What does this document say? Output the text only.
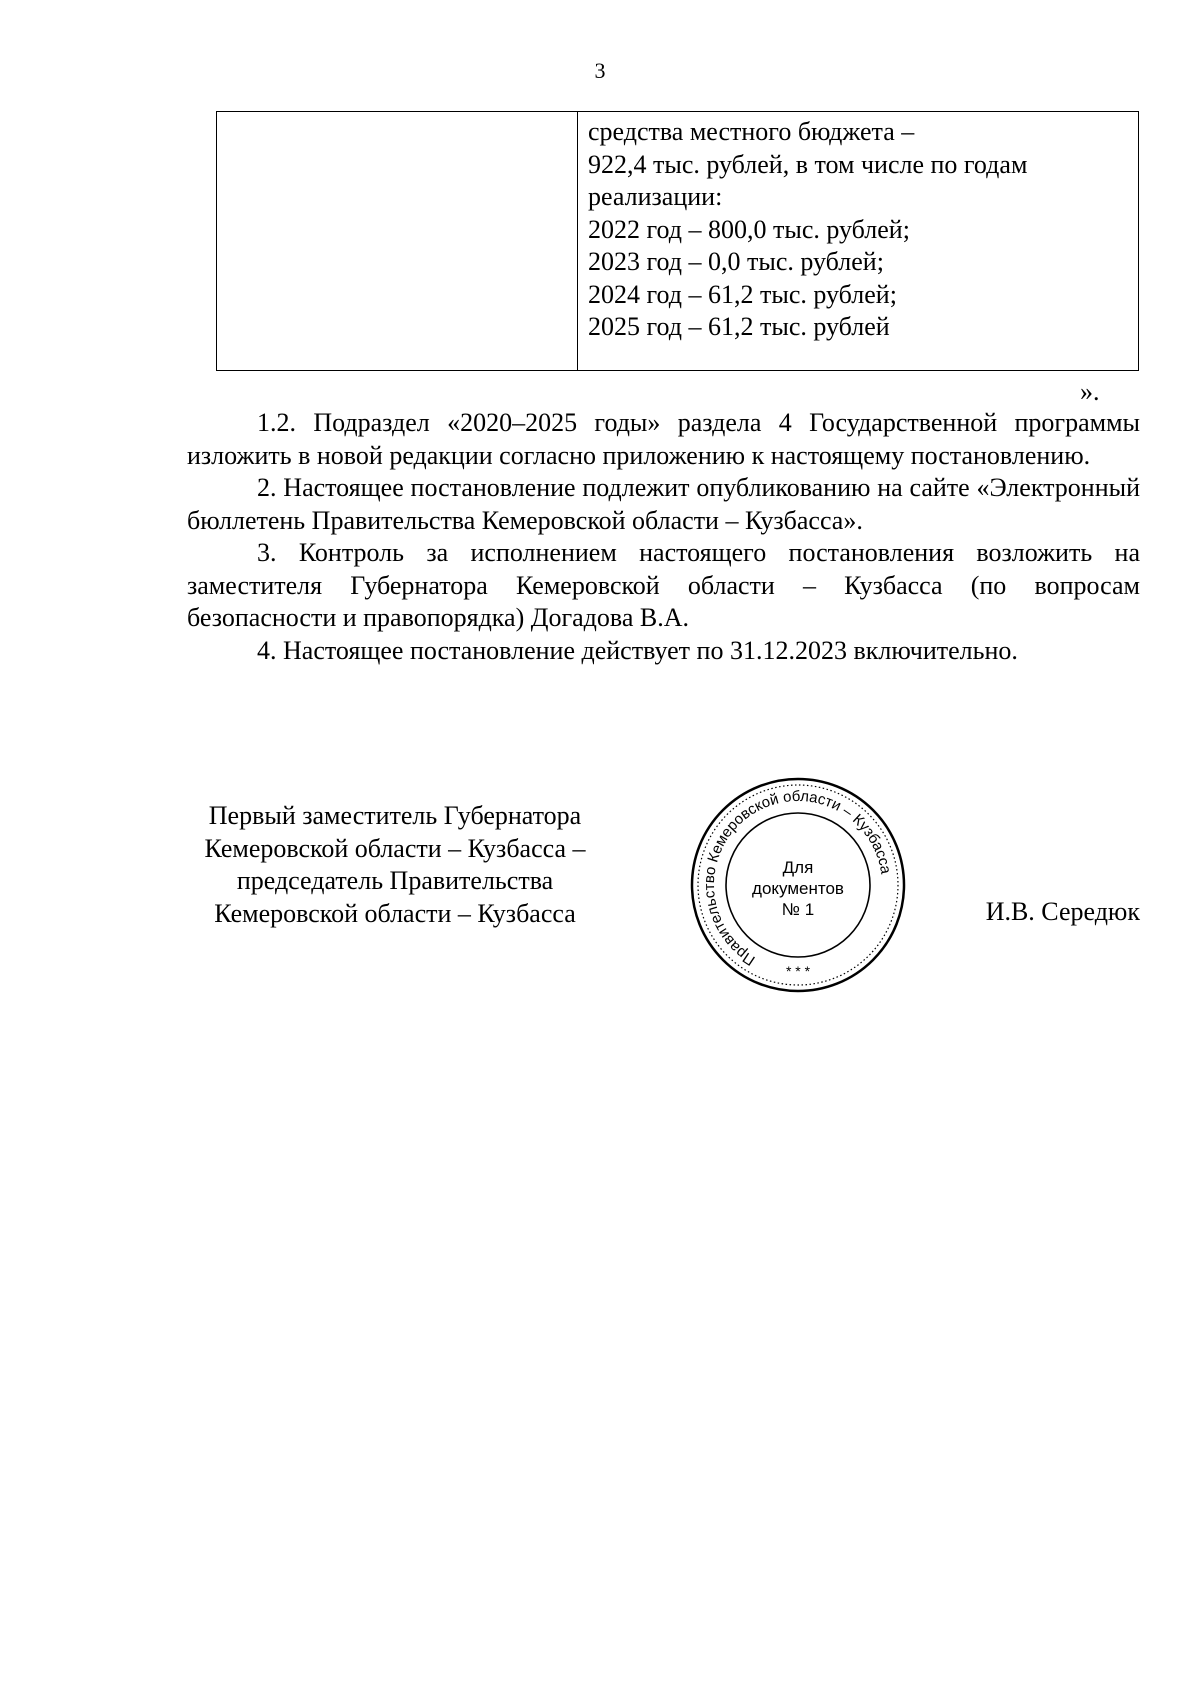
3
средства местного бюджета –
922,4 тыс. рублей, в том числе по годам
реализации:
2022 год – 800,0 тыс. рублей;
2023 год – 0,0 тыс. рублей;
2024 год – 61,2 тыс. рублей;
2025 год – 61,2 тыс. рублей
».

1.2. Подраздел «2020–2025 годы» раздела 4 Государственной программы изложить в новой редакции согласно приложению к настоящему постановлению.

2. Настоящее постановление подлежит опубликованию на сайте «Электронный бюллетень Правительства Кемеровской области – Кузбасса».

3. Контроль за исполнением настоящего постановления возложить на заместителя Губернатора Кемеровской области – Кузбасса (по вопросам безопасности и правопорядка) Догадова В.А.

4. Настоящее постановление действует по 31.12.2023 включительно.

Первый заместитель Губернатора
Кемеровской области – Кузбасса –
председатель Правительства
Кемеровской области – Кузбасса	И.В. Середюк
Правительство Кемеровской области – Кузбасса
Для
документов
№ 1
* * *
